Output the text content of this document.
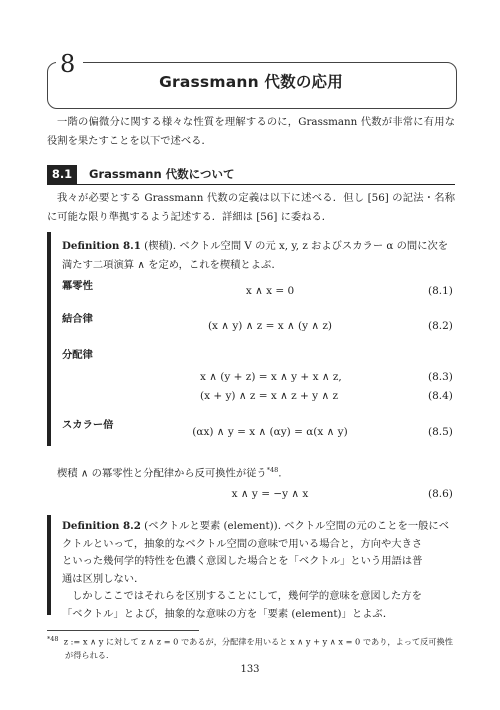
8
Grassmann 代数の応用
一階の偏微分に関する様々な性質を理解するのに，Grassmann 代数が非常に有用な役割を果たすことを以下で述べる．
8.1	Grassmann 代数について
我々が必要とする Grassmann 代数の定義は以下に述べる．但し [56] の記法・名称に可能な限り準拠するよう記述する．詳細は [56] に委ねる．
Definition 8.1 (楔積). ベクトル空間 V の元 x, y, z およびスカラー α の間に次を
満たす二項演算 ∧ を定め，これを楔積とよぶ．
冪零性	x ∧ x = 0	(8.1)
結合律
(x ∧ y) ∧ z = x ∧ (y ∧ z)	(8.2)
分配律
x ∧ (y + z) = x ∧ y + x ∧ z,	(8.3)
(x + y) ∧ z = x ∧ z + y ∧ z	(8.4)
スカラー倍
(αx) ∧ y = x ∧ (αy) = α(x ∧ y)	(8.5)
楔積 ∧ の冪零性と分配律から反可換性が従う$^{*48}$.
x ∧ y = −y ∧ x	(8.6)
Definition 8.2 (ベクトルと要素 (element)). ベクトル空間の元のことを一般にベ
クトルといって，抽象的なベクトル空間の意味で用いる場合と，方向や大きさ
といった幾何学的特性を色濃く意図した場合とを「ベクトル」という用語は普
通は区別しない．
しかしここではそれらを区別することにして，幾何学的意味を意図した方を
「ベクトル」とよび，抽象的な意味の方を「要素 (element)」とよぶ．
$^{*48}$ z := x ∧ y に対して z ∧ z = 0 であるが，分配律を用いると x ∧ y + y ∧ x = 0 であり，よって反可換性が得られる．
133
